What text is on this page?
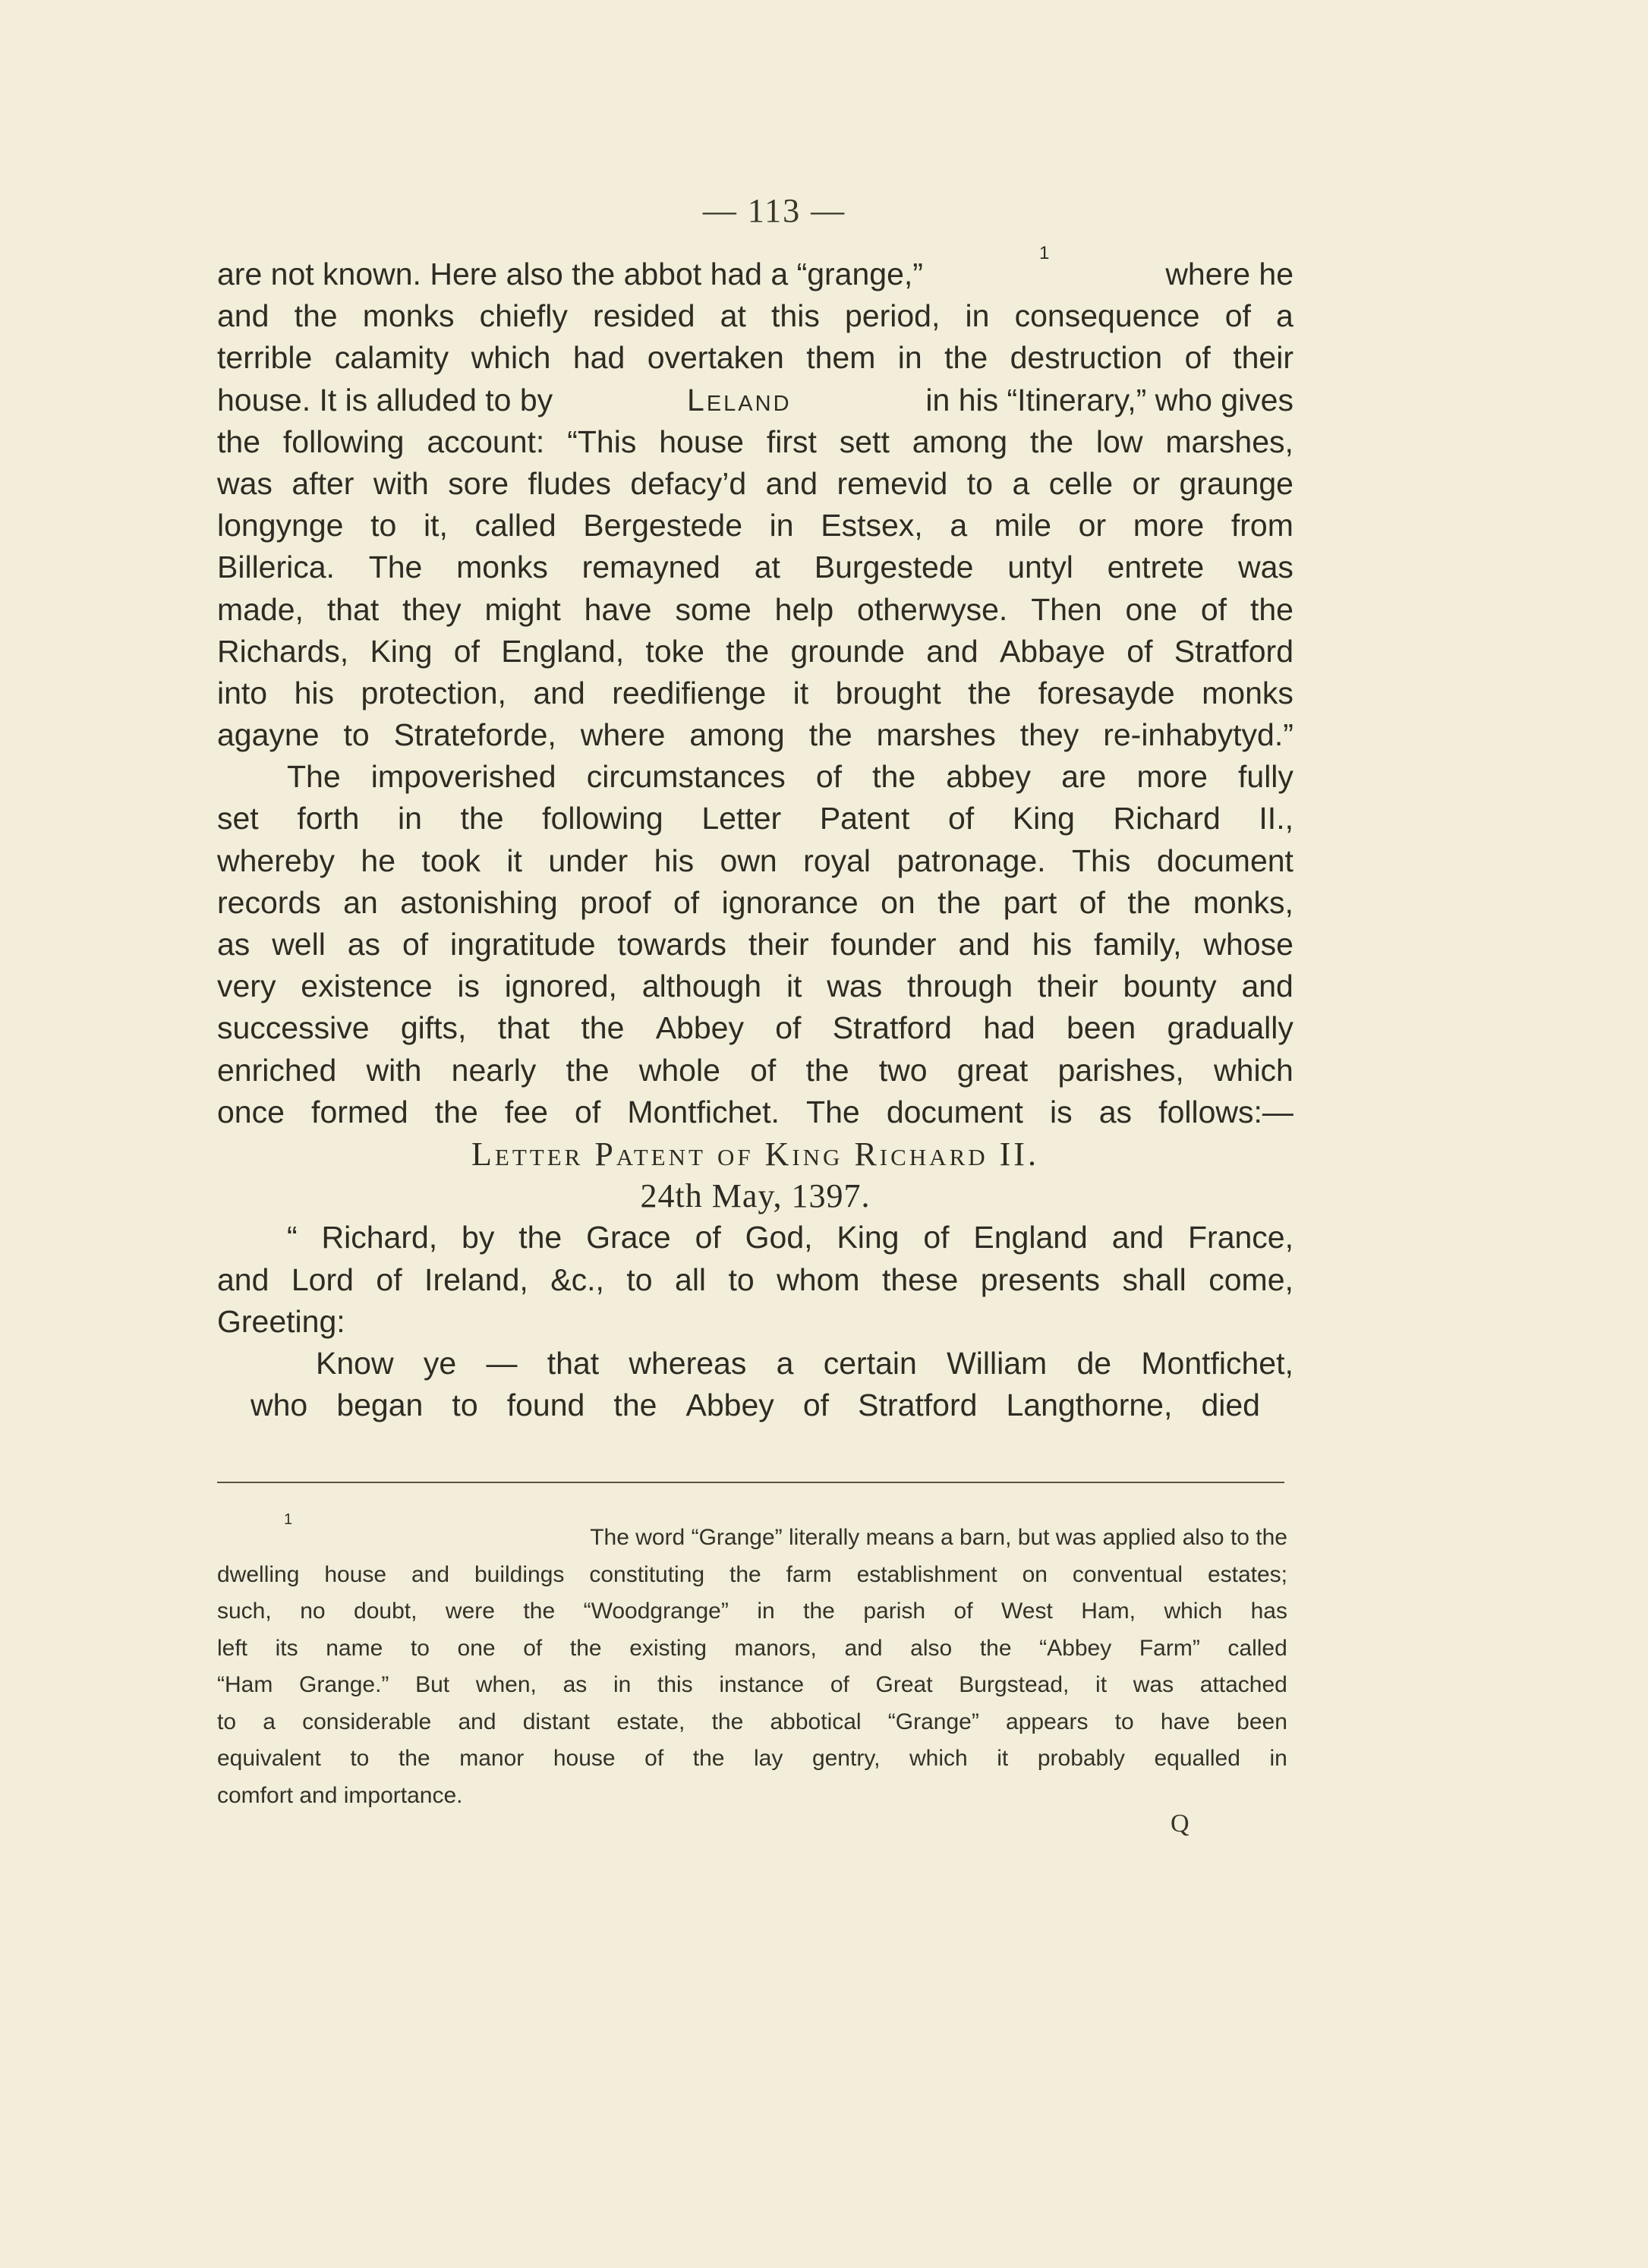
— 113 —
are not known. Here also the abbot had a “grange,”
1
where he
and the monks chiefly resided at this period, in consequence of a
terrible calamity which had overtaken them in the destruction of their
house. It is alluded to by	Leland	in his “Itinerary,” who gives
the following account: “This house first sett among the low marshes,
was after with sore fludes defacy’d and remevid to a celle or graunge
longynge to it, called Bergestede in Estsex, a mile or more from
Billerica. The monks remayned at Burgestede untyl entrete was
made, that they might have some help otherwyse. Then one of the
Richards, King of England, toke the grounde and Abbaye of Stratford
into his protection, and reedifienge it brought the foresayde monks
agayne to Strateforde, where among the marshes they re-inhabytyd.”
The impoverished circumstances of the abbey are more fully
set forth in the following Letter Patent of King Richard II.,
whereby he took it under his own royal patronage. This document
records an astonishing proof of ignorance on the part of the monks,
as well as of ingratitude towards their founder and his family, whose
very existence is ignored, although it was through their bounty and
successive gifts, that the Abbey of Stratford had been gradually
enriched with nearly the whole of the two great parishes, which
once formed the fee of Montfichet. The document is as follows:—
Letter Patent of King Richard II.
24th May, 1397.
“ Richard, by the Grace of God, King of England and France,
and Lord of Ireland, &c., to all to whom these presents shall come,
Greeting:
Know ye — that whereas a certain William de Montfichet,
who began to found the Abbey of Stratford Langthorne, died
1
The word “Grange” literally means a barn, but was applied also to the
dwelling house and buildings constituting the farm establishment on conventual estates;
such, no doubt, were the “Woodgrange” in the parish of West Ham, which has
left its name to one of the existing manors, and also the “Abbey Farm” called
“Ham Grange.” But when, as in this instance of Great Burgstead, it was attached
to a considerable and distant estate, the abbotical “Grange” appears to have been
equivalent to the manor house of the lay gentry, which it probably equalled in
comfort and importance.
Q
